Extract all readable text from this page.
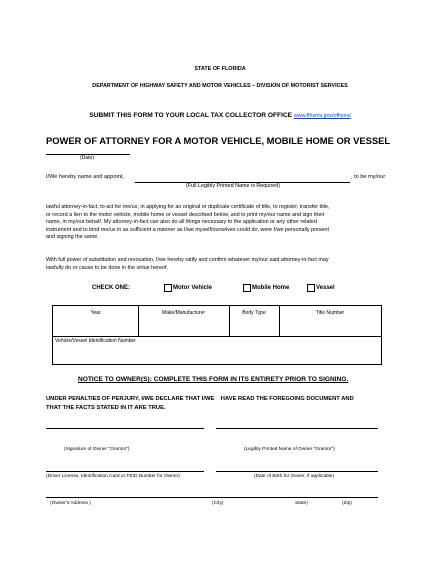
STATE OF FLORIDA
DEPARTMENT OF HIGHWAY SAFETY AND MOTOR VEHICLES – DIVISION OF MOTORIST SERVICES
SUBMIT THIS FORM TO YOUR LOCAL TAX COLLECTOR OFFICE www.flhsmv.gov/offices/
POWER OF ATTORNEY FOR A MOTOR VEHICLE, MOBILE HOME OR VESSEL
(Date)
I/We hereby name and appoint,	, to be my/our
(Full Legibly Printed Name is Required)
lawful attorney-in-fact, to act for me/us, in applying for an original or duplicate certificate of title, to register, transfer title,
or record a lien to the motor vehicle, mobile home or vessel described below, and to print my/our name and sign their
name, in my/our behalf. My attorney-in-fact can also do all things necessary to the application or any other related
instrument and to bind me/us in as sufficient a manner as I/we myself/ourselves could do, were I/we personally present
and signing the same.
With full power of substitution and revocation, I/we hereby ratify and confirm whatever my/our said attorney-in-fact may
lawfully do or cause to be done in the virtue hereof.
CHECK ONE:	Motor Vehicle	Mobile Home	Vessel
Year	Make/Manufacturer	Body Type	Title Number
Vehicle/Vessel Identification Number
NOTICE TO OWNER(S): COMPLETE THIS FORM IN ITS ENTIRETY PRIOR TO SIGNING.
UNDER PENALTIES OF PERJURY, I/WE DECLARE THAT I/WE    HAVE READ THE FOREGOING DOCUMENT AND
THAT THE FACTS STATED IN IT ARE TRUE.
(Signature of Owner "Grantor")	(Legibly Printed Name of Owner "Grantor")
(Driver License, Identification Card or FEID Number for Owner)	(Date of Birth for Owner, if applicable)
(Owner’s Address )	(City)	State)	(Zip)
